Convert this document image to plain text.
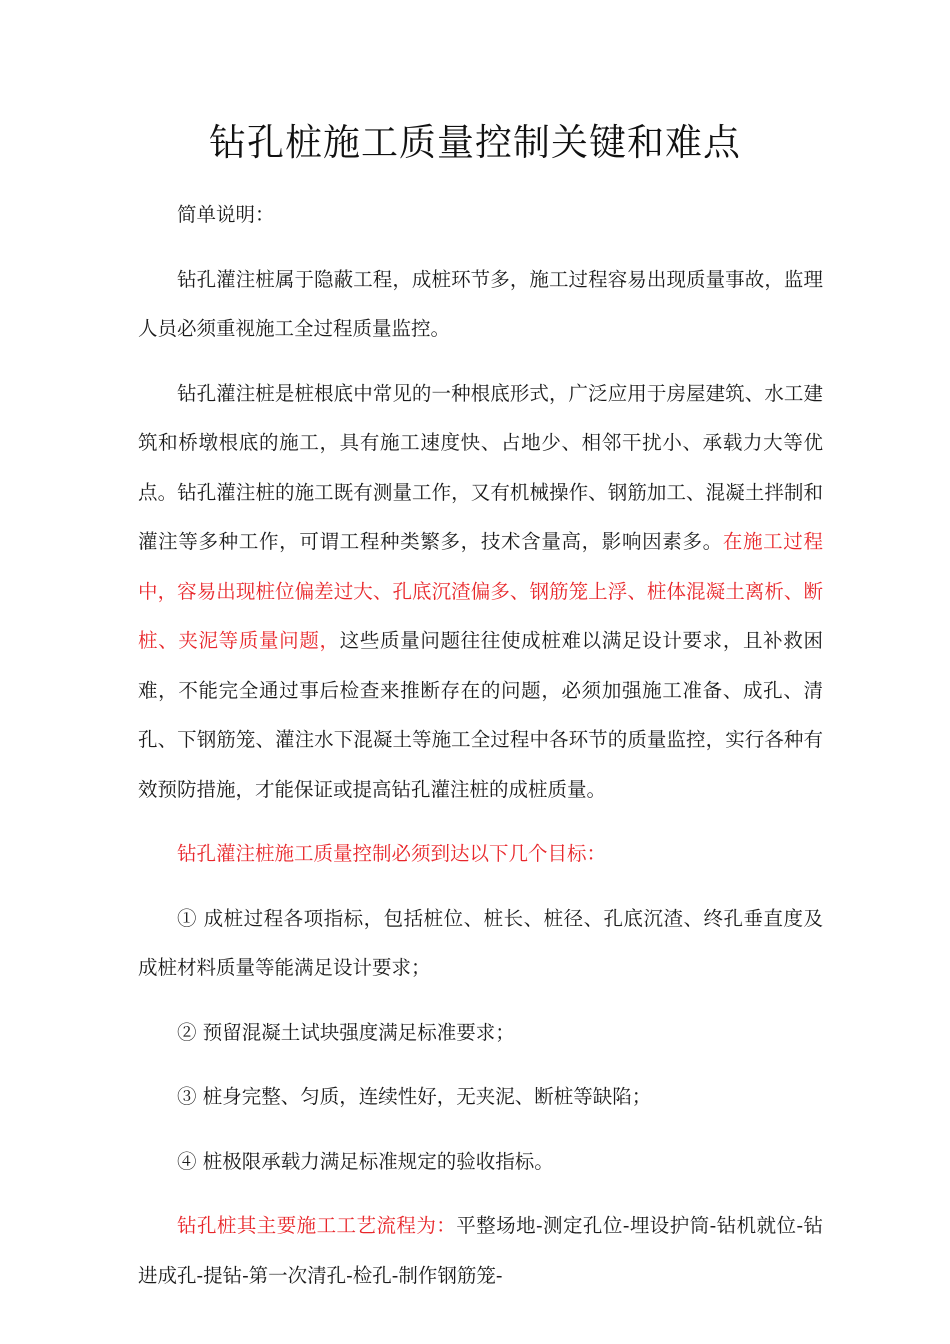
钻孔桩施工质量控制关键和难点

简单说明：

钻孔灌注桩属于隐蔽工程，成桩环节多，施工过程容易出现质量事故，监理人员必须重视施工全过程质量监控。

钻孔灌注桩是桩根底中常见的一种根底形式，广泛应用于房屋建筑、水工建筑和桥墩根底的施工，具有施工速度快、占地少、相邻干扰小、承载力大等优点。钻孔灌注桩的施工既有测量工作，又有机械操作、钢筋加工、混凝土拌制和灌注等多种工作，可谓工程种类繁多，技术含量高，影响因素多。在施工过程中，容易出现桩位偏差过大、孔底沉渣偏多、钢筋笼上浮、桩体混凝土离析、断桩、夹泥等质量问题，这些质量问题往往使成桩难以满足设计要求，且补救困难，不能完全通过事后检查来推断存在的问题，必须加强施工准备、成孔、清孔、下钢筋笼、灌注水下混凝土等施工全过程中各环节的质量监控，实行各种有效预防措施，才能保证或提高钻孔灌注桩的成桩质量。

钻孔灌注桩施工质量控制必须到达以下几个目标：

① 成桩过程各项指标，包括桩位、桩长、桩径、孔底沉渣、终孔垂直度及成桩材料质量等能满足设计要求；

② 预留混凝土试块强度满足标准要求；

③ 桩身完整、匀质，连续性好，无夹泥、断桩等缺陷；

④ 桩极限承载力满足标准规定的验收指标。

钻孔桩其主要施工工艺流程为：平整场地-测定孔位-埋设护筒-钻机就位-钻进成孔-提钻-第一次清孔-检孔-制作钢筋笼-
